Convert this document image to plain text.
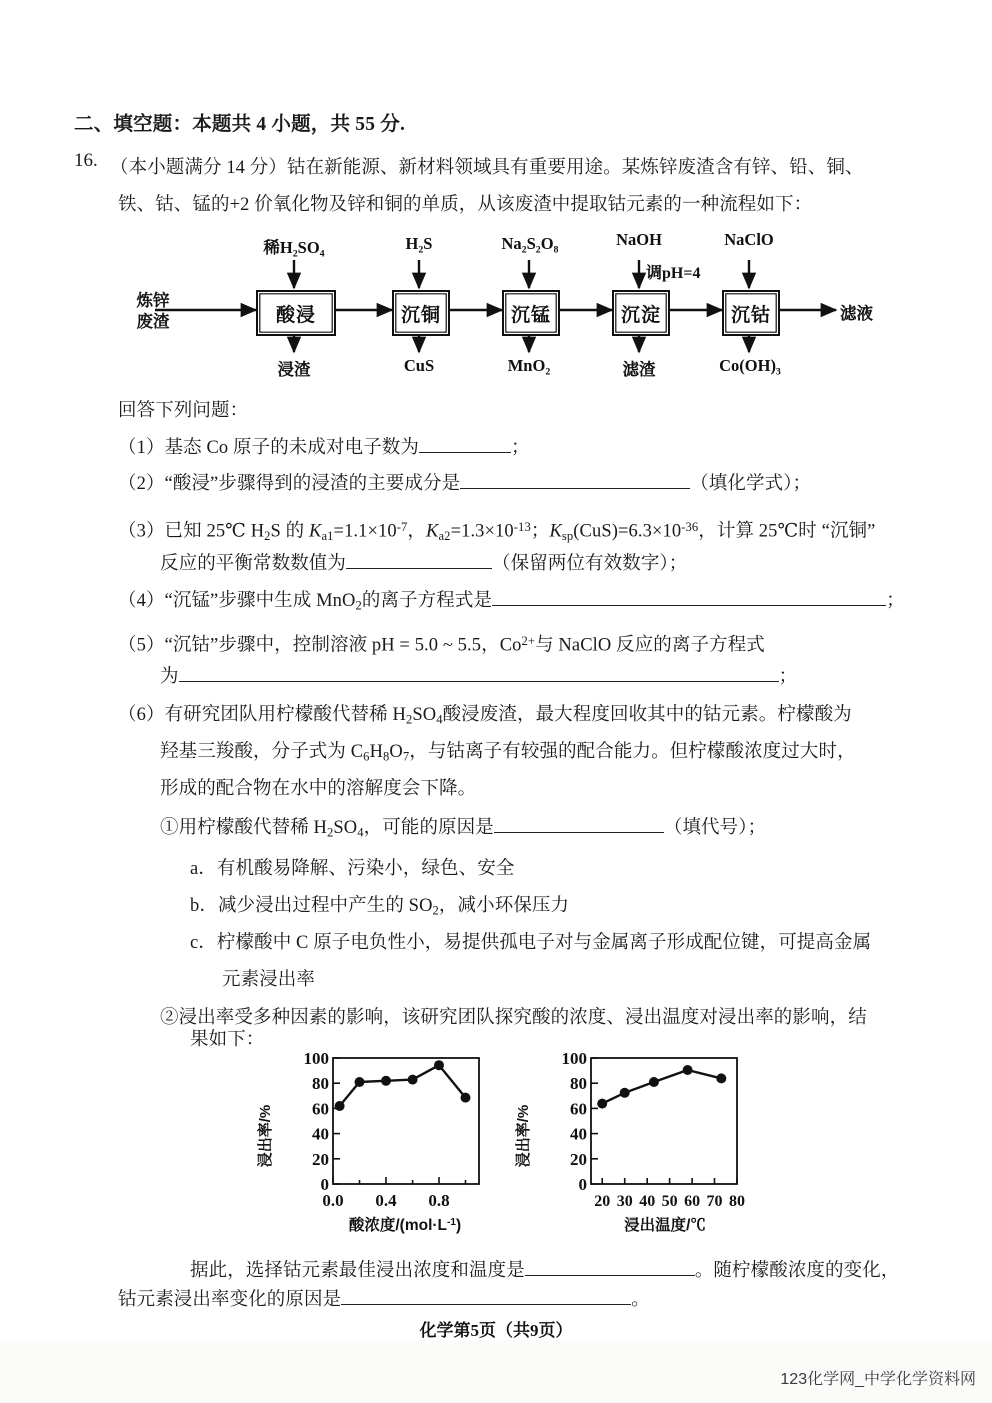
二、填空题：本题共 4 小题，共 55 分.
16. （本小题满分 14 分）钴在新能源、新材料领域具有重要用途。某炼锌废渣含有锌、铅、铜、
铁、钴、锰的+2 价氧化物及锌和铜的单质，从该废渣中提取钴元素的一种流程如下：
炼锌
废渣	酸浸	沉铜	沉锰	沉淀	沉钴
稀H₂SO₄	H₂S	Na₂S₂O₈	NaOH	NaClO
调pH=4
浸渣	CuS	MnO₂	滤渣	Co(OH)₃
滤液
回答下列问题：
（1）基态 Co 原子的未成对电子数为	；
（2）“酸浸”步骤得到的浸渣的主要成分是	（填化学式）；
（3）已知 25℃ $H_2S$ 的 $K_{a1}=1.1\times 10^{-7}$，$K_{a2}=1.3\times 10^{-13}$；$K_{sp}(CuS)=6.3\times 10^{-36}$，计算 25℃时 “沉铜”
反应的平衡常数数值为	（保留两位有效数字）；
（4）“沉锰”步骤中生成 MnO$_2$的离子方程式是	；
（5）“沉钴”步骤中，控制溶液 pH = 5.0 ~ 5.5，$Co^{2+}$与 NaClO 反应的离子方程式
为	；
（6）有研究团队用柠檬酸代替稀 $H_2SO_4$酸浸废渣，最大程度回收其中的钴元素。柠檬酸为
羟基三羧酸，分子式为 $C_6H_8O_7$，与钴离子有较强的配合能力。但柠檬酸浓度过大时，
形成的配合物在水中的溶解度会下降。
①用柠檬酸代替稀 $H_2SO_4$，可能的原因是	（填代号）；
a．有机酸易降解、污染小，绿色、安全
b．减少浸出过程中产生的 $SO_2$，减小环保压力
c．柠檬酸中 C 原子电负性小，易提供孤电子对与金属离子形成配位键，可提高金属
元素浸出率
②浸出率受多种因素的影响，该研究团队探究酸的浓度、浸出温度对浸出率的影响，结
果如下：
浸出率/%
0
20
40
60
80
100
0.0 0.4 0.8
酸浓度$/(mol\cdot L^{-1})$
浸出率/%
0
20
40
60
80
100
20 30 40 50 60 70 80
浸出温度/℃
据此，选择钴元素最佳浸出浓度和温度是	。随柠檬酸浓度的变化，
钴元素浸出率变化的原因是	。
化学第5页（共9页）
123化学网_中学化学资料网
